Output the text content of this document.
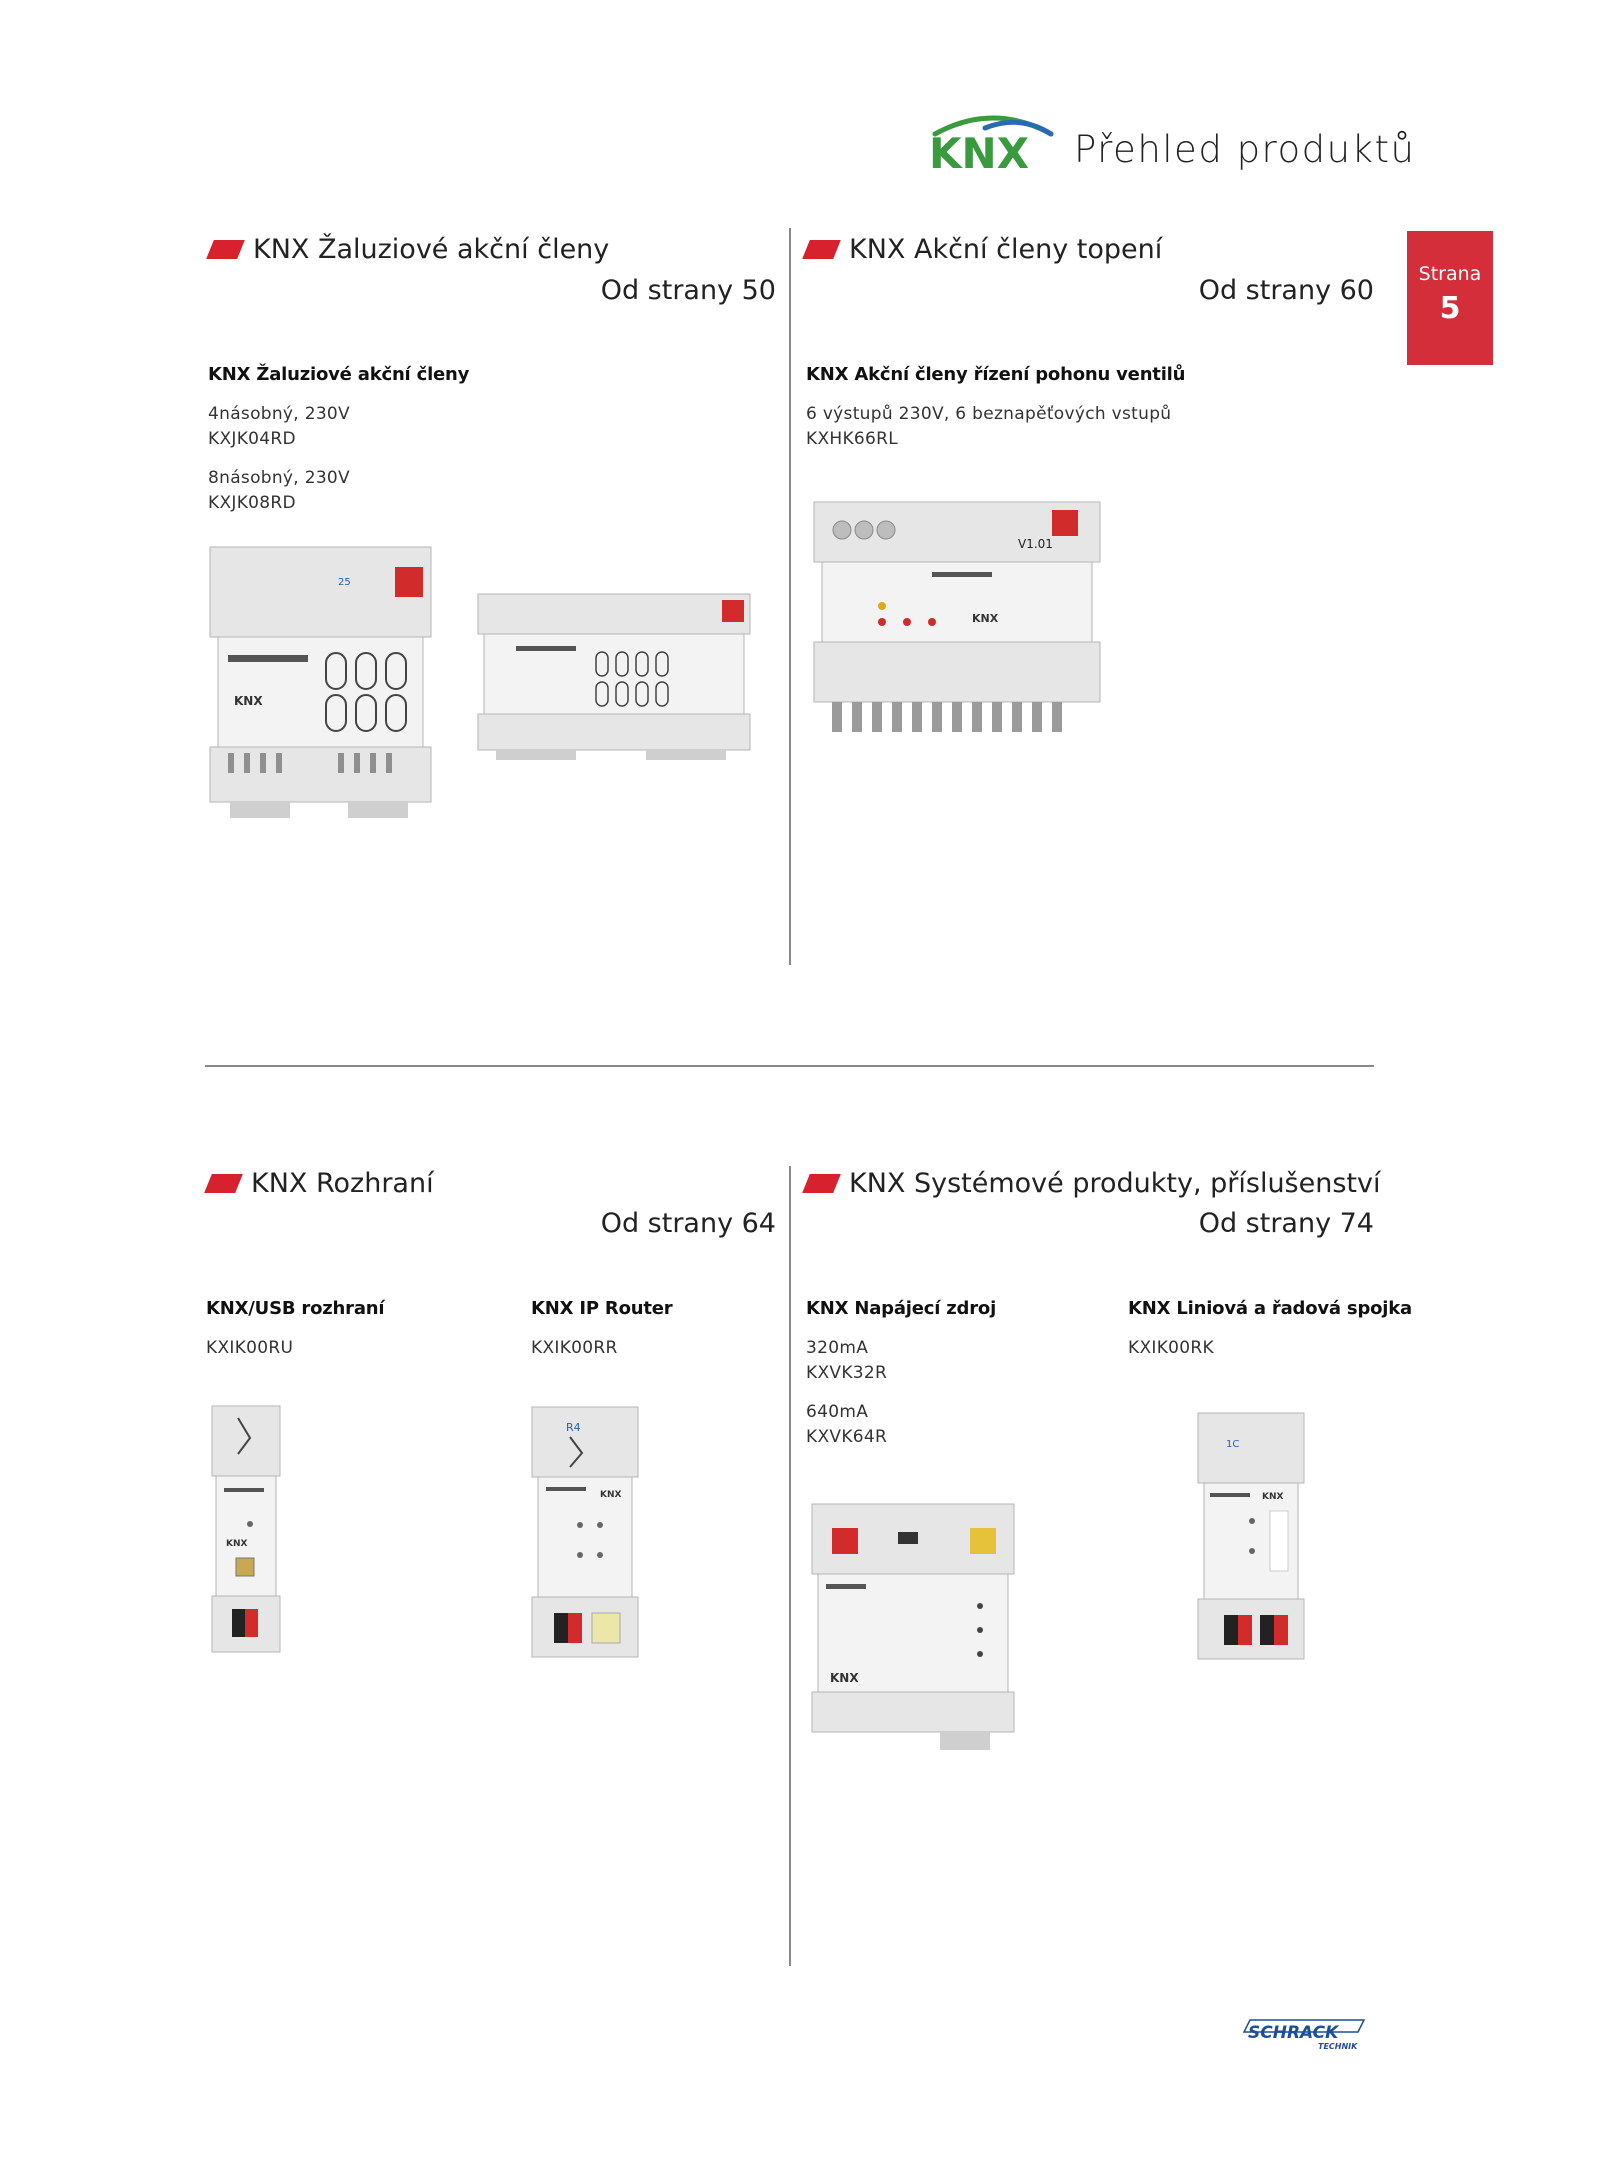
KNX Přehled produktů
Strana
5
KNX Žaluziové akční členy
Od strany 50
KNX Žaluziové akční členy
4násobný, 230V
KXJK04RD
8násobný, 230V
KXJK08RD
25
KNX
KNX Akční členy topení
Od strany 60
KNX Akční členy řízení pohonu ventilů
6 výstupů 230V, 6 beznapěťových vstupů
KXHK66RL
V1.01
KNX
KNX Rozhraní
Od strany 64
KNX/USB rozhraní
KXIK00RU
KNX IP Router
KXIK00RR
KNX
R4
KNX
KNX Systémové produkty, příslušenství
Od strany 74
KNX Napájecí zdroj
320mA
KXVK32R
640mA
KXVK64R
KNX Liniová a řadová spojka
KXIK00RK
KNX
1C
KNX
SCHRACK
TECHNIK
